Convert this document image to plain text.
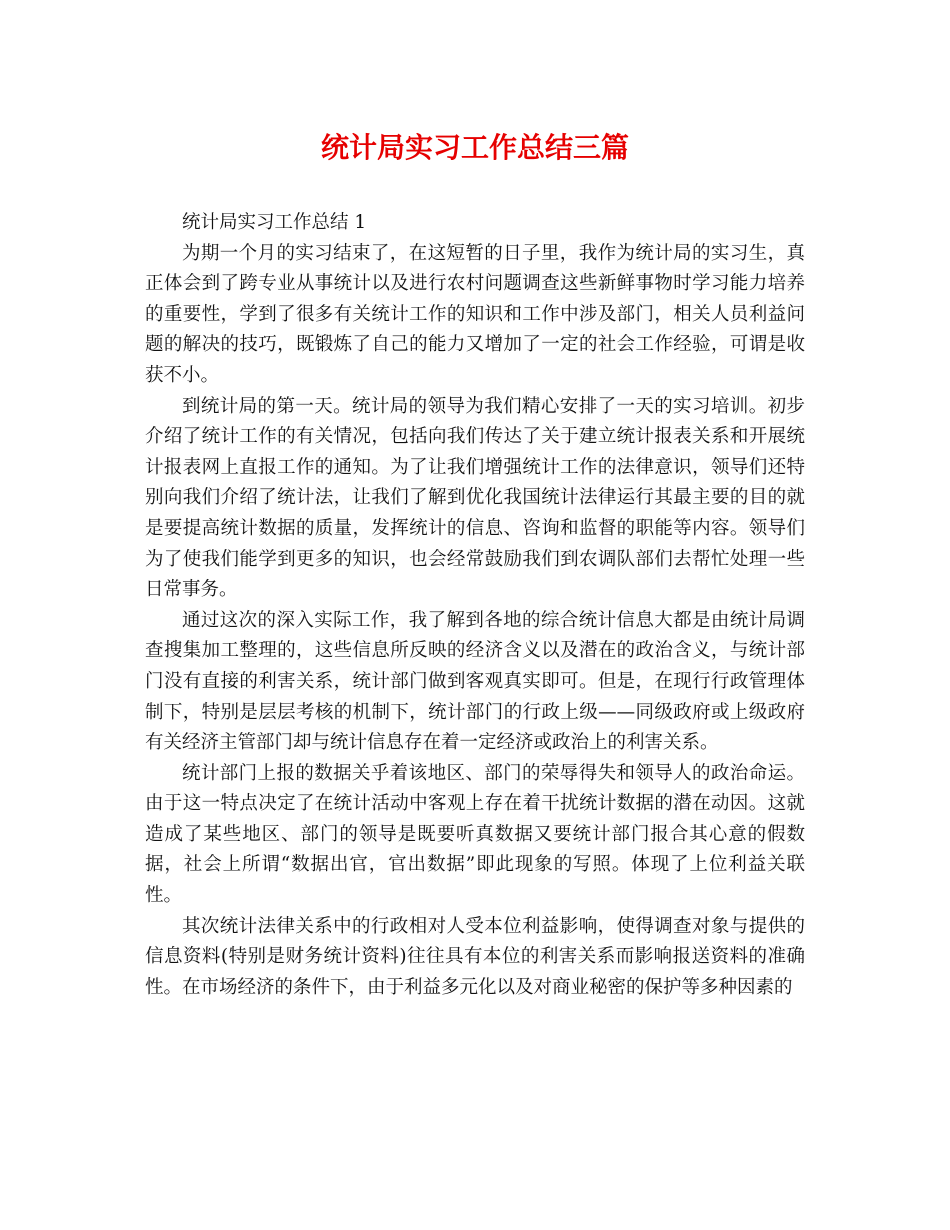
统计局实习工作总结三篇

统计局实习工作总结 1

为期一个月的实习结束了，在这短暂的日子里，我作为统计局的实习生，真正体会到了跨专业从事统计以及进行农村问题调查这些新鲜事物时学习能力培养的重要性，学到了很多有关统计工作的知识和工作中涉及部门，相关人员利益问题的解决的技巧，既锻炼了自己的能力又增加了一定的社会工作经验，可谓是收获不小。

到统计局的第一天。统计局的领导为我们精心安排了一天的实习培训。初步介绍了统计工作的有关情况，包括向我们传达了关于建立统计报表关系和开展统计报表网上直报工作的通知。为了让我们增强统计工作的法律意识，领导们还特别向我们介绍了统计法，让我们了解到优化我国统计法律运行其最主要的目的就是要提高统计数据的质量，发挥统计的信息、咨询和监督的职能等内容。领导们为了使我们能学到更多的知识，也会经常鼓励我们到农调队部们去帮忙处理一些日常事务。

通过这次的深入实际工作，我了解到各地的综合统计信息大都是由统计局调查搜集加工整理的，这些信息所反映的经济含义以及潜在的政治含义，与统计部门没有直接的利害关系，统计部门做到客观真实即可。但是，在现行行政管理体制下，特别是层层考核的机制下，统计部门的行政上级——同级政府或上级政府有关经济主管部门却与统计信息存在着一定经济或政治上的利害关系。

统计部门上报的数据关乎着该地区、部门的荣辱得失和领导人的政治命运。由于这一特点决定了在统计活动中客观上存在着干扰统计数据的潜在动因。这就造成了某些地区、部门的领导是既要听真数据又要统计部门报合其心意的假数据，社会上所谓“数据出官，官出数据”即此现象的写照。体现了上位利益关联性。

其次统计法律关系中的行政相对人受本位利益影响，使得调查对象与提供的信息资料(特别是财务统计资料)往往具有本位的利害关系而影响报送资料的准确性。在市场经济的条件下，由于利益多元化以及对商业秘密的保护等多种因素的
